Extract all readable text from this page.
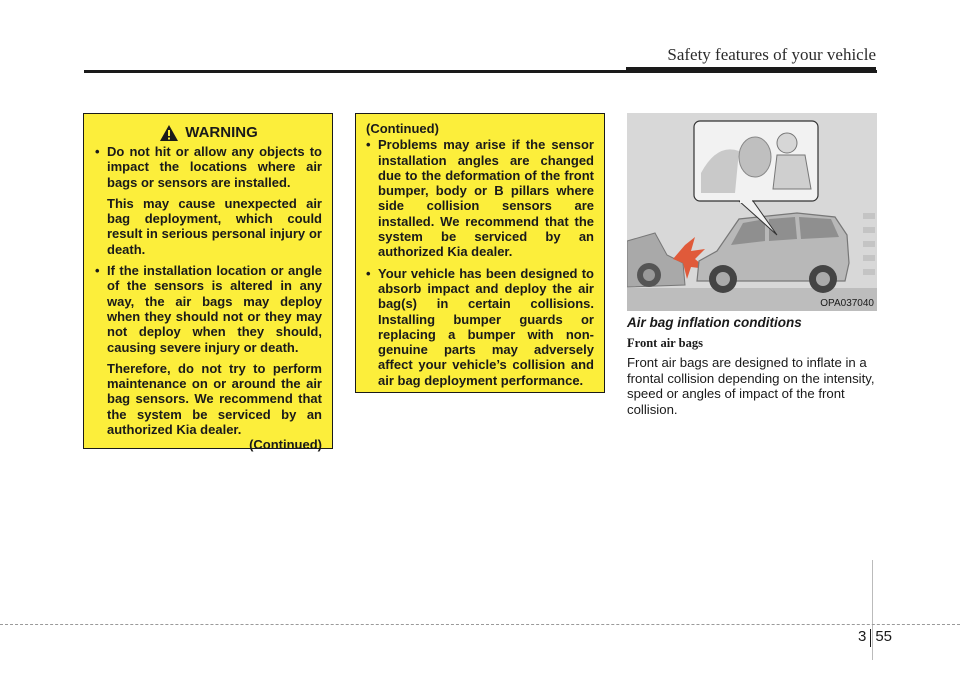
Safety features of your vehicle
WARNING
• Do not hit or allow any objects to impact the locations where air bags or sensors are installed.
This may cause unexpected air bag deployment, which could result in serious personal injury or death.
• If the installation location or angle of the sensors is altered in any way, the air bags may deploy when they should not or they may not deploy when they should, causing severe injury or death.
Therefore, do not try to perform maintenance on or around the air bag sensors. We recommend that the system be serviced by an authorized Kia dealer.
(Continued)
(Continued)
• Problems may arise if the sensor installation angles are changed due to the deformation of the front bumper, body or B pillars where side collision sensors are installed. We recommend that the system be serviced by an authorized Kia dealer.
• Your vehicle has been designed to absorb impact and deploy the air bag(s) in certain collisions. Installing bumper guards or replacing a bumper with non-genuine parts may adversely affect your vehicle’s collision and air bag deployment performance.
OPA037040
Air bag inflation conditions
Front air bags

Front air bags are designed to inflate in a frontal collision depending on the intensity, speed or angles of impact of the front collision.

3 55
